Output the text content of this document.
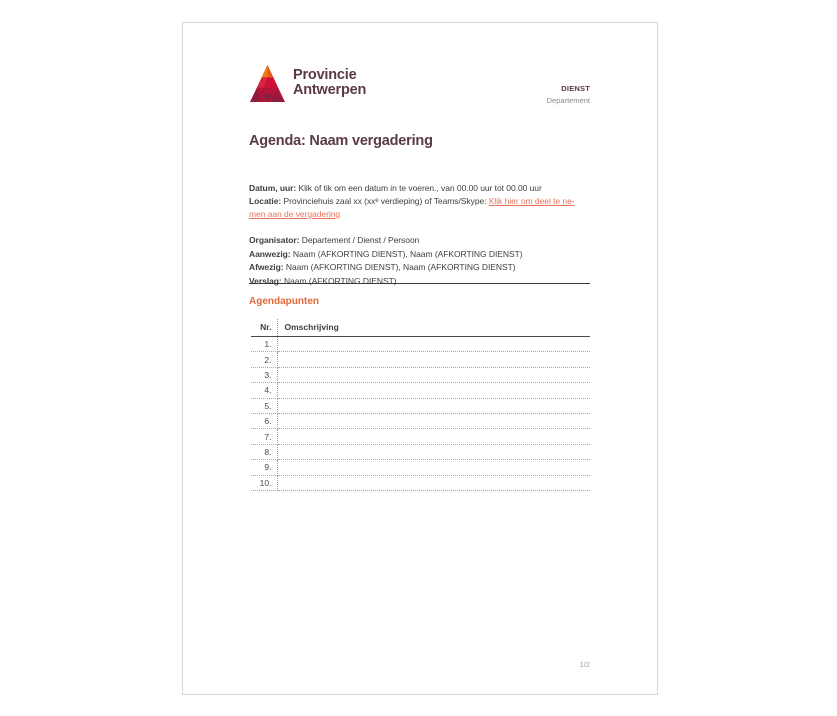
Provincie
Antwerpen	DIENST
Departement
Agenda: Naam vergadering
Datum, uur: Klik of tik om een datum in te voeren., van 00.00 uur tot 00.00 uur
Locatie: Provinciehuis zaal xx (xxᵉ verdieping) of Teams/Skype: Klik hier om deel te ne-
men aan de vergadering
Organisator: Departement / Dienst / Persoon
Aanwezig: Naam (AFKORTING DIENST), Naam (AFKORTING DIENST)
Afwezig: Naam (AFKORTING DIENST), Naam (AFKORTING DIENST)
Verslag: Naam (AFKORTING DIENST)
Agendapunten
Nr.	Omschrijving
1.	
2.	
3.	
4.	
5.	
6.	
7.	
8.	
9.	
10.	
1/2
